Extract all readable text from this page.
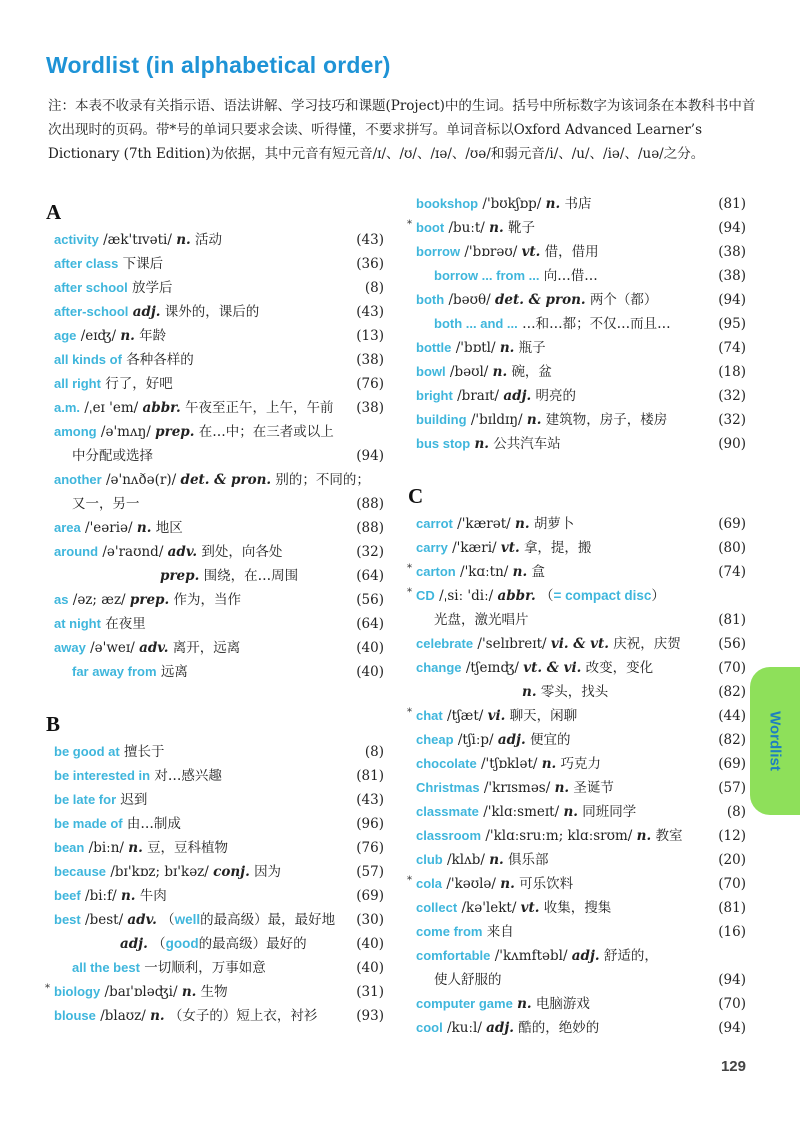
Wordlist (in alphabetical order)
注：本表不收录有关指示语、语法讲解、学习技巧和课题(Project)中的生词。括号中所标数字为该词条在本教科书中首次出现时的页码。带*号的单词只要求会读、听得懂，不要求拼写。单词音标以Oxford Advanced Learner’s Dictionary (7th Edition)为依据，其中元音有短元音/ɪ/、/ʊ/、/ɪə/、/ʊə/和弱元音/i/、/u/、/iə/、/uə/之分。
A
activity /æk'tɪvəti/ n. 活动	(43)
after class 下课后	(36)
after school 放学后	(8)
after-school adj. 课外的，课后的	(43)
age /eɪʤ/ n. 年龄	(13)
all kinds of 各种各样的	(38)
all right 行了，好吧	(76)
a.m. /ˌeɪ 'em/ abbr. 午夜至正午，上午，午前 (38)
among /ə'mʌŋ/ prep. 在…中；在三者或以上
中分配或选择	(94)
another /ə'nʌðə(r)/ det. & pron. 别的；不同的；
又一，另一	(88)
area /'eəriə/ n. 地区	(88)
around /ə'raʊnd/ adv. 到处，向各处	(32)
prep. 围绕，在…周围	(64)
as /əz; æz/ prep. 作为，当作	(56)
at night 在夜里	(64)
away /ə'weɪ/ adv. 离开，远离	(40)
far away from 远离	(40)
B
be good at 擅长于	(8)
be interested in 对…感兴趣	(81)
be late for 迟到	(43)
be made of 由…制成	(96)
bean /biːn/ n. 豆，豆科植物	(76)
because /bɪ'kɒz; bɪ'kəz/ conj. 因为	(57)
beef /biːf/ n. 牛肉	(69)
best /best/ adv. （well的最高级）最，最好地 (30)
adj. （good的最高级）最好的	(40)
all the best 一切顺利，万事如意	(40)
* biology /baɪ'ɒləʤi/ n. 生物	(31)
blouse /blaʊz/ n. （女子的）短上衣，衬衫	(93)
bookshop /'bʊkʃɒp/ n. 书店	(81)
* boot /buːt/ n. 靴子	(94)
borrow /'bɒrəʊ/ vt. 借，借用	(38)
borrow ... from ... 向…借…	(38)
both /bəʊθ/ det. & pron. 两个（都）	(94)
both ... and ... …和…都；不仅…而且…	(95)
bottle /'bɒtl/ n. 瓶子	(74)
bowl /bəʊl/ n. 碗，盆	(18)
bright /braɪt/ adj. 明亮的	(32)
building /'bɪldɪŋ/ n. 建筑物，房子，楼房	(32)
bus stop n. 公共汽车站	(90)
C
carrot /'kærət/ n. 胡萝卜	(69)
carry /'kæri/ vt. 拿，提，搬	(80)
* carton /'kɑːtn/ n. 盒	(74)
* CD /ˌsiː 'diː/ abbr. （= compact disc）
光盘，激光唱片	(81)
celebrate /'selɪbreɪt/ vi. & vt. 庆祝，庆贺	(56)
change /tʃeɪnʤ/ vt. & vi. 改变，变化	(70)
n. 零头，找头	(82)
* chat /tʃæt/ vi. 聊天，闲聊	(44)
cheap /tʃiːp/ adj. 便宜的	(82)
chocolate /'tʃɒklət/ n. 巧克力	(69)
Christmas /'krɪsməs/ n. 圣诞节	(57)
classmate /'klɑːsmeɪt/ n. 同班同学	(8)
classroom /'klɑːsruːm; klɑːsrʊm/ n. 教室	(12)
club /klʌb/ n. 俱乐部	(20)
* cola /'kəʊlə/ n. 可乐饮料	(70)
collect /kə'lekt/ vt. 收集，搜集	(81)
come from 来自	(16)
comfortable /'kʌmftəbl/ adj. 舒适的，
使人舒服的	(94)
computer game n. 电脑游戏	(70)
cool /kuːl/ adj. 酷的，绝妙的	(94)
Wordlist
129
